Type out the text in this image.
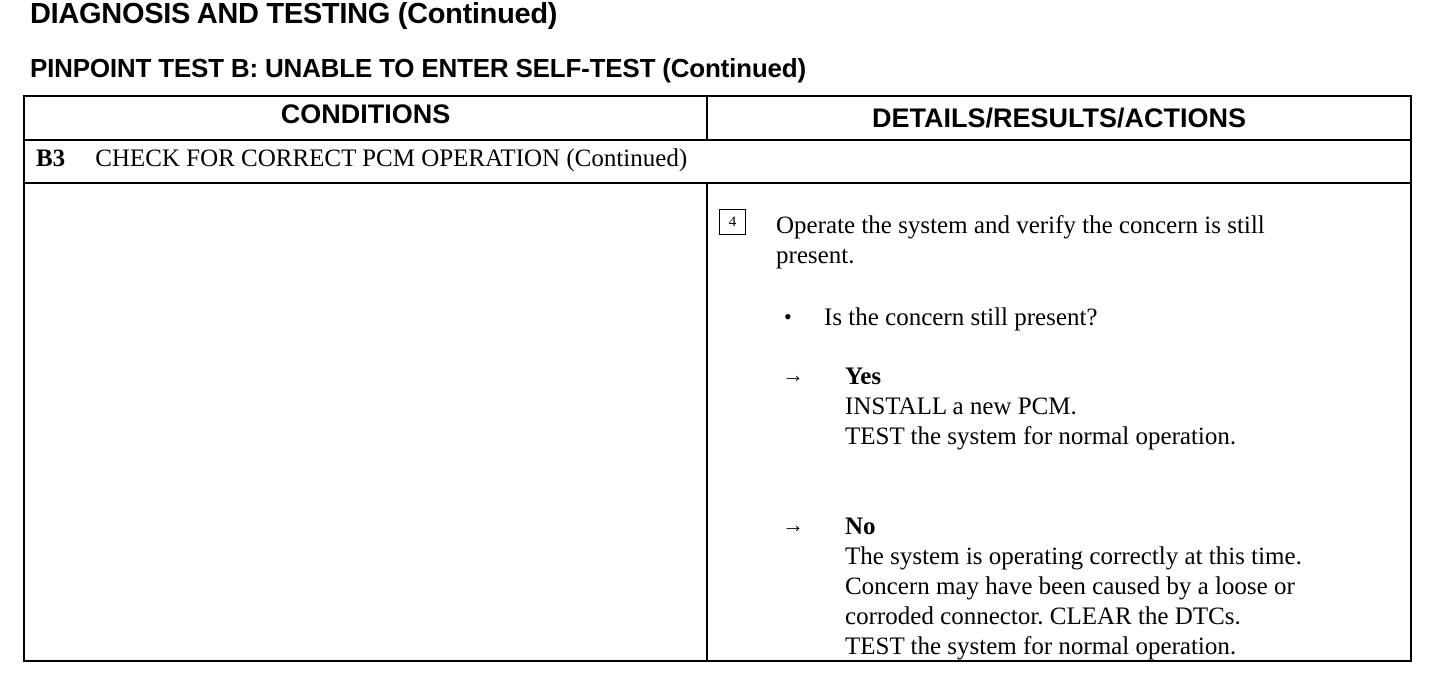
DIAGNOSIS AND TESTING (Continued)
PINPOINT TEST B: UNABLE TO ENTER SELF-TEST (Continued)
CONDITIONS	DETAILS/RESULTS/ACTIONS
B3 CHECK FOR CORRECT PCM OPERATION (Continued)
4	Operate the system and verify the concern is still
present.
• Is the concern still present?
→ Yes
INSTALL a new PCM.
TEST the system for normal operation.
→ No
The system is operating correctly at this time.
Concern may have been caused by a loose or
corroded connector. CLEAR the DTCs.
TEST the system for normal operation.
